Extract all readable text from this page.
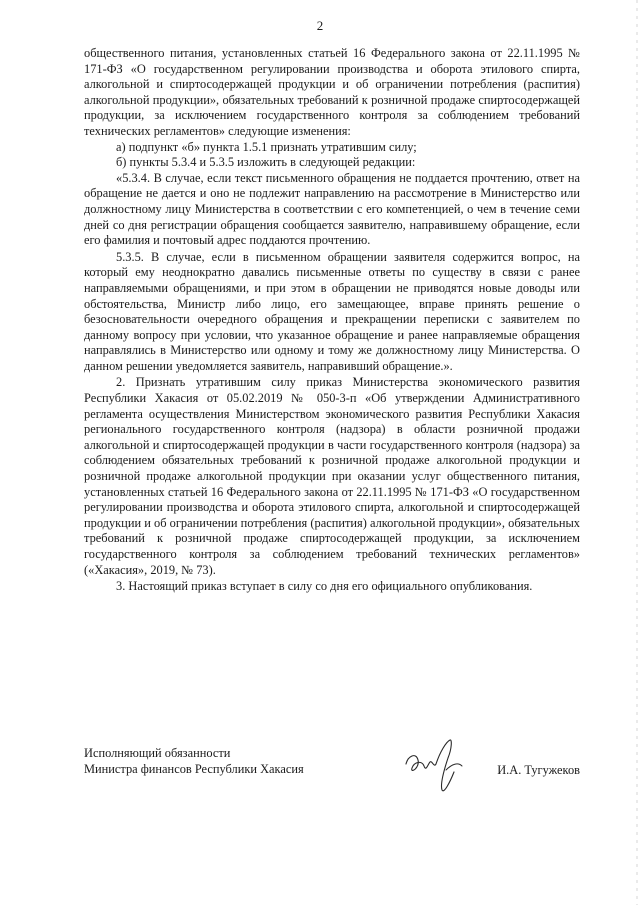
2

общественного питания, установленных статьей 16 Федерального закона от 22.11.1995 № 171-ФЗ «О государственном регулировании производства и оборота этилового спирта, алкогольной и спиртосодержащей продукции и об ограничении потребления (распития) алкогольной продукции», обязательных требований к розничной продаже спиртосодержащей продукции, за исключением государственного контроля за соблюдением требований технических регламентов» следующие изменения:

а) подпункт «б» пункта 1.5.1 признать утратившим силу;

б) пункты 5.3.4 и 5.3.5 изложить в следующей редакции:

«5.3.4. В случае, если текст письменного обращения не поддается прочтению, ответ на обращение не дается и оно не подлежит направлению на рассмотрение в Министерство или должностному лицу Министерства в соответствии с его компетенцией, о чем в течение семи дней со дня регистрации обращения сообщается заявителю, направившему обращение, если его фамилия и почтовый адрес поддаются прочтению.

5.3.5. В случае, если в письменном обращении заявителя содержится вопрос, на который ему неоднократно давались письменные ответы по существу в связи с ранее направляемыми обращениями, и при этом в обращении не приводятся новые доводы или обстоятельства, Министр либо лицо, его замещающее, вправе принять решение о безосновательности очередного обращения и прекращении переписки с заявителем по данному вопросу при условии, что указанное обращение и ранее направляемые обращения направлялись в Министерство или одному и тому же должностному лицу Министерства. О данном решении уведомляется заявитель, направивший обращение.».

2. Признать утратившим силу приказ Министерства экономического развития Республики Хакасия от 05.02.2019 № 050-3-п «Об утверждении Административного регламента осуществления Министерством экономического развития Республики Хакасия регионального государственного контроля (надзора) в области розничной продажи алкогольной и спиртосодержащей продукции в части государственного контроля (надзора) за соблюдением обязательных требований к розничной продаже алкогольной продукции и розничной продаже алкогольной продукции при оказании услуг общественного питания, установленных статьей 16 Федерального закона от 22.11.1995 № 171-ФЗ «О государственном регулировании производства и оборота этилового спирта, алкогольной и спиртосодержащей продукции и об ограничении потребления (распития) алкогольной продукции», обязательных требований к розничной продаже спиртосодержащей продукции, за исключением государственного контроля за соблюдением требований технических регламентов» («Хакасия», 2019, № 73).

3. Настоящий приказ вступает в силу со дня его официального опубликования.

Исполняющий обязанности
Министра финансов Республики Хакасия	И.А. Тугужеков
